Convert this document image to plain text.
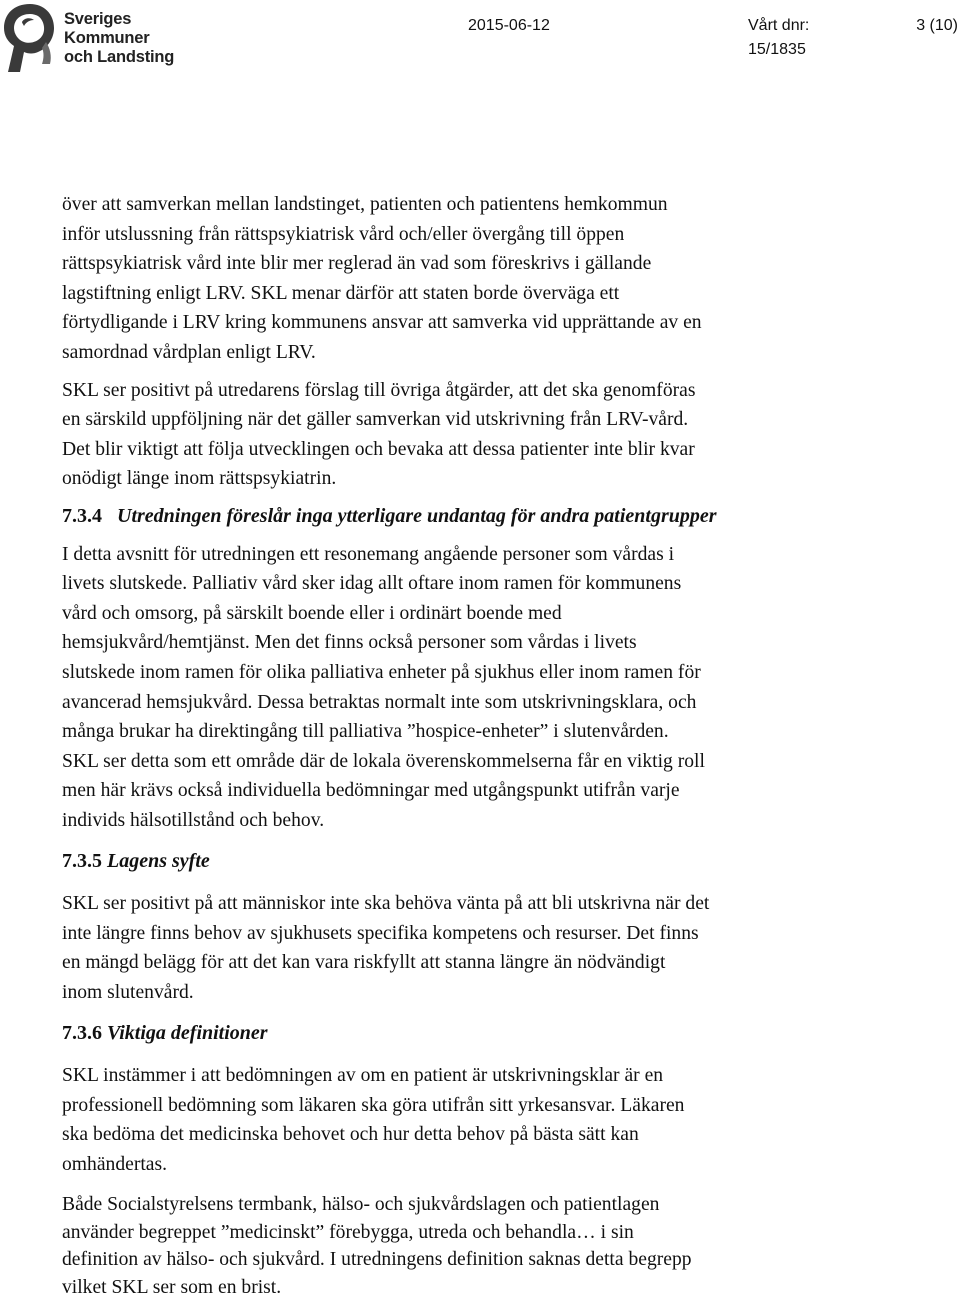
Sveriges
Kommuner
och Landsting
2015-06-12	Vårt dnr:
15/1835
3 (10)

över att samverkan mellan landstinget, patienten och patientens hemkommun
inför utslussning från rättspsykiatrisk vård och/eller övergång till öppen
rättspsykiatrisk vård inte blir mer reglerad än vad som föreskrivs i gällande
lagstiftning enligt LRV. SKL menar därför att staten borde överväga ett
förtydligande i LRV kring kommunens ansvar att samverka vid upprättande av en
samordnad vårdplan enligt LRV.

SKL ser positivt på utredarens förslag till övriga åtgärder, att det ska genomföras
en särskild uppföljning när det gäller samverkan vid utskrivning från LRV-vård.
Det blir viktigt att följa utvecklingen och bevaka att dessa patienter inte blir kvar
onödigt länge inom rättspsykiatrin.

7.3.4 Utredningen föreslår inga ytterligare undantag för andra patientgrupper

I detta avsnitt för utredningen ett resonemang angående personer som vårdas i
livets slutskede. Palliativ vård sker idag allt oftare inom ramen för kommunens
vård och omsorg, på särskilt boende eller i ordinärt boende med
hemsjukvård/hemtjänst. Men det finns också personer som vårdas i livets
slutskede inom ramen för olika palliativa enheter på sjukhus eller inom ramen för
avancerad hemsjukvård. Dessa betraktas normalt inte som utskrivningsklara, och
många brukar ha direktingång till palliativa ”hospice-enheter” i slutenvården.
SKL ser detta som ett område där de lokala överenskommelserna får en viktig roll
men här krävs också individuella bedömningar med utgångspunkt utifrån varje
individs hälsotillstånd och behov.

7.3.5 Lagens syfte

SKL ser positivt på att människor inte ska behöva vänta på att bli utskrivna när det
inte längre finns behov av sjukhusets specifika kompetens och resurser. Det finns
en mängd belägg för att det kan vara riskfyllt att stanna längre än nödvändigt
inom slutenvård.

7.3.6 Viktiga definitioner

SKL instämmer i att bedömningen av om en patient är utskrivningsklar är en
professionell bedömning som läkaren ska göra utifrån sitt yrkesansvar. Läkaren
ska bedöma det medicinska behovet och hur detta behov på bästa sätt kan
omhändertas.

Både Socialstyrelsens termbank, hälso- och sjukvårdslagen och patientlagen
använder begreppet ”medicinskt” förebygga, utreda och behandla… i sin
definition av hälso- och sjukvård. I utredningens definition saknas detta begrepp
vilket SKL ser som en brist.
